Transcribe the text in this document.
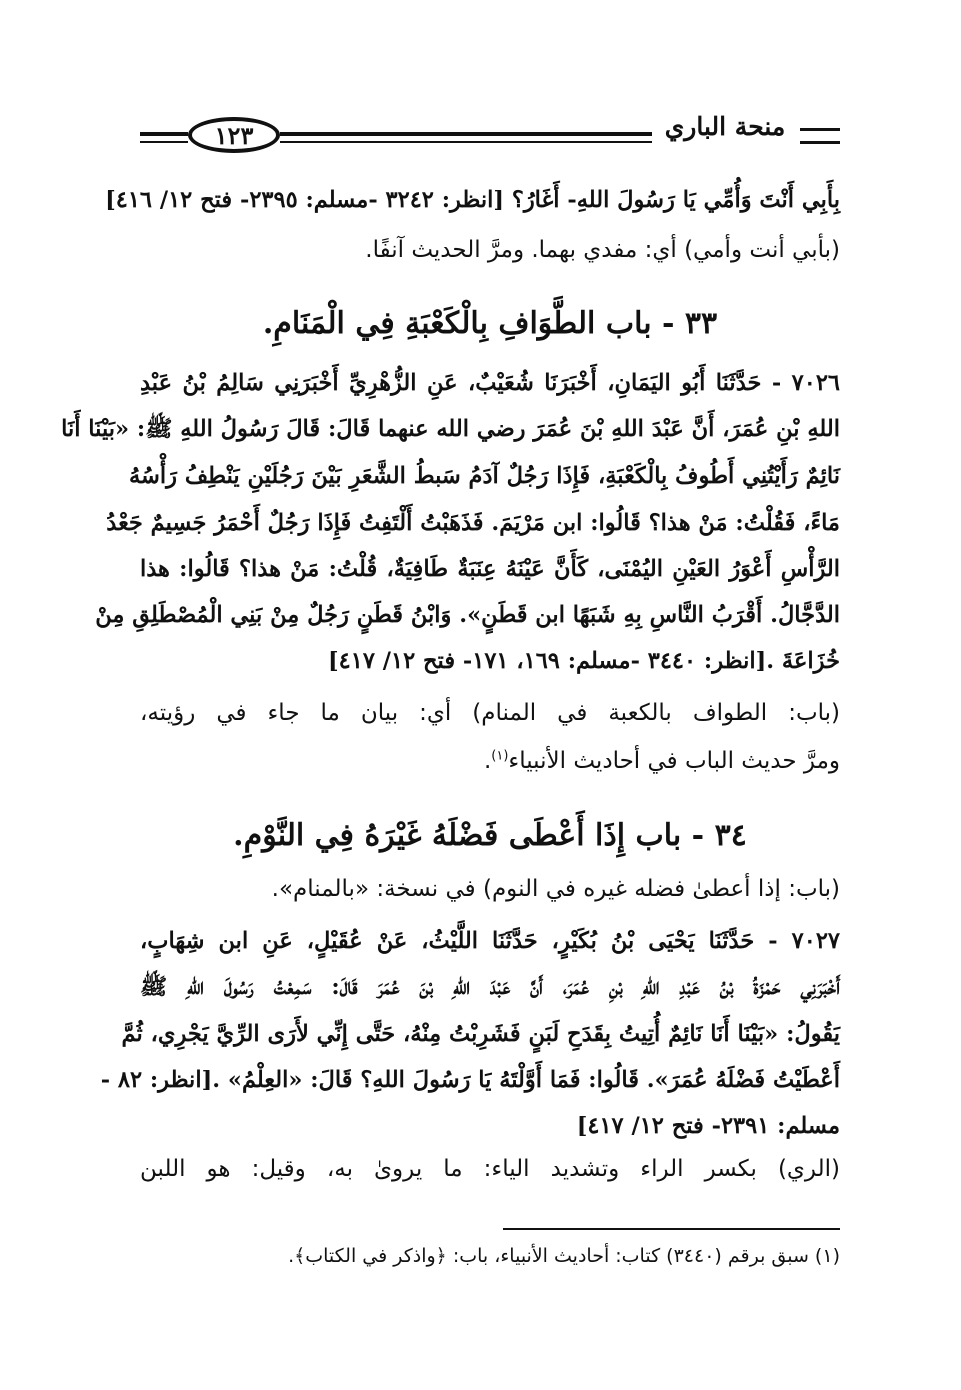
١٢٣	منحة الباري
بِأَبِي أَنْتَ وَأُمِّي يَا رَسُولَ اللهِ- أَغَارُ؟ [انظر: ٣٢٤٢ -مسلم: ٢٣٩٥- فتح ١٢/ ٤١٦]
(بأبي أنت وأمي) أي: مفدي بهما. ومرَّ الحديث آنفًا.
٣٣ - باب الطَّوَافِ بِالْكَعْبَةِ فِي الْمَنَامِ.
٧٠٢٦ - حَدَّثَنَا أَبُو اليَمَانِ، أَخْبَرَنَا شُعَيْبٌ، عَنِ الزُّهْرِيِّ أَخْبَرَنِي سَالِمُ بْنُ عَبْدِ
اللهِ بْنِ عُمَرَ، أَنَّ عَبْدَ اللهِ بْنَ عُمَرَ رضي الله عنهما قَالَ: قَالَ رَسُولُ اللهِ ﷺ: «بَيْنَا أَنَا
نَائِمٌ رَأَيْتُنِي أَطُوفُ بِالْكَعْبَةِ، فَإِذَا رَجُلٌ آدَمُ سَبطُ الشَّعَرِ بَيْنَ رَجُلَيْنِ يَنْطِفُ رَأْسُهُ
مَاءً، فَقُلْتُ: مَنْ هذا؟ قَالُوا: ابن مَرْيَمَ. فَذَهَبْتُ أَلْتَفِتُ فَإِذَا رَجُلٌ أَحْمَرُ جَسِيمٌ جَعْدُ
الرَّأْسِ أَعْوَرُ العَيْنِ اليُمْنَى، كَأَنَّ عَيْنَهُ عِنَبَةٌ طَافِيَةٌ، قُلْتُ: مَنْ هذا؟ قَالُوا: هذا
الدَّجَّالُ. أَقْرَبُ النَّاسِ بِهِ شَبَهًا ابن قَطَنٍ». وَابْنُ قَطَنٍ رَجُلٌ مِنْ بَنِي الْمُصْطَلِقِ مِنْ
خُزَاعَةَ .[انظر: ٣٤٤٠ -مسلم: ١٦٩، ١٧١- فتح ١٢/ ٤١٧]
(باب: الطواف بالكعبة في المنام) أي: بيان ما جاء في رؤيته،
ومرَّ حديث الباب في أحاديث الأنبياء$^{(١)}$.
٣٤ - باب إِذَا أَعْطَى فَضْلَهُ غَيْرَهُ فِي النَّوْمِ.
(باب: إذا أعطىٰ فضله غيره في النوم) في نسخة: «بالمنام».
٧٠٢٧ - حَدَّثَنَا يَحْيَى بْنُ بُكَيْرٍ، حَدَّثَنَا اللَّيْثُ، عَنْ عُقَيْلٍ، عَنِ ابن شِهَابٍ،
أَخْبَرَنِي حَمْزَةُ بْنُ عَبْدِ اللهِ بْنِ عُمَرَ، أَنَّ عَبْدَ اللهِ بْنَ عُمَرَ قَالَ: سَمِعْتُ رَسُولَ اللهِ ﷺ
يَقُولُ: «بَيْنَا أَنَا نَائِمٌ أُتِيتُ بِقَدَحِ لَبَنٍ فَشَرِبْتُ مِنْهُ، حَتَّى إِنِّي لأَرَى الرِّيَّ يَجْرِي، ثُمَّ
أَعْطَيْتُ فَضْلَهُ عُمَرَ». قَالُوا: فَمَا أَوَّلْتَهُ يَا رَسُولَ اللهِ؟ قَالَ: «العِلْمُ» .[انظر: ٨٢ -
مسلم: ٢٣٩١- فتح ١٢/ ٤١٧]
(الري) بكسر الراء وتشديد الياء: ما يروىٰ به، وقيل: هو اللبن
(١) سبق برقم (٣٤٤٠) كتاب: أحاديث الأنبياء، باب: ﴿واذكر في الكتاب﴾.
